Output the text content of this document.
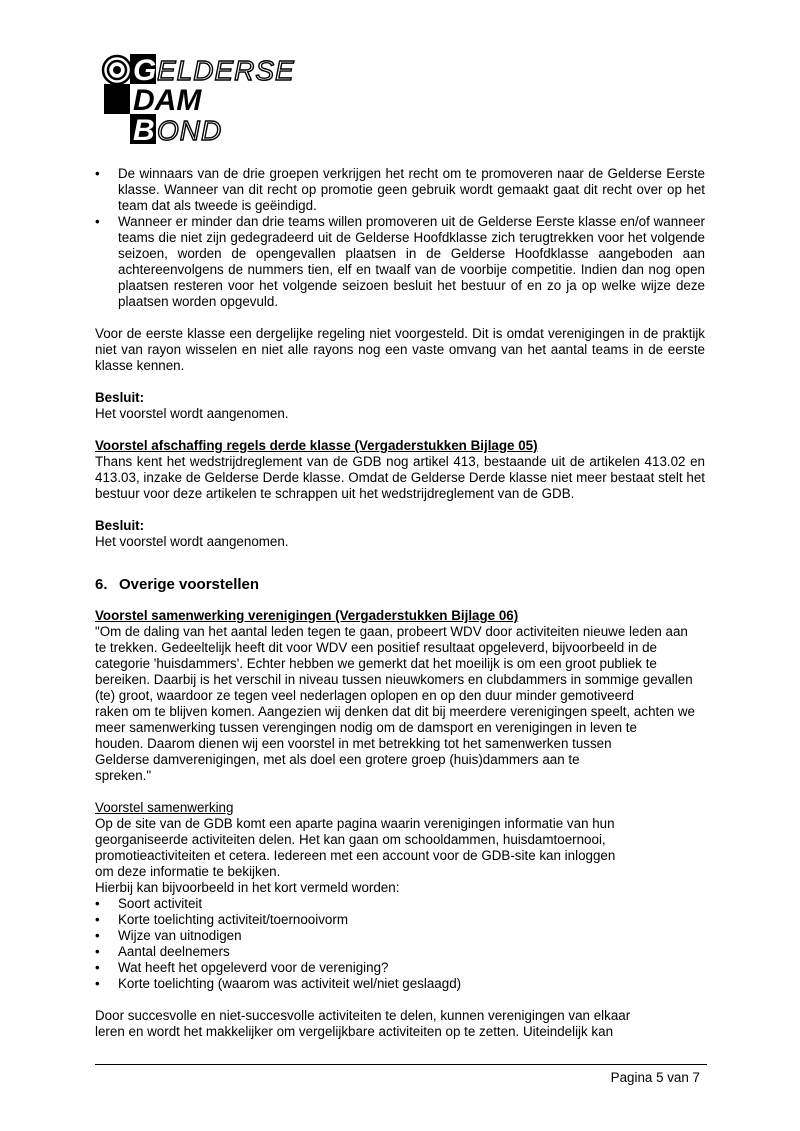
G ELDERSE
DAM
B OND
• De winnaars van de drie groepen verkrijgen het recht om te promoveren naar de Gelderse Eerste klasse. Wanneer van dit recht op promotie geen gebruik wordt gemaakt gaat dit recht over op het team dat als tweede is geëindigd.
• Wanneer er minder dan drie teams willen promoveren uit de Gelderse Eerste klasse en/of wanneer teams die niet zijn gedegradeerd uit de Gelderse Hoofdklasse zich terugtrekken voor het volgende seizoen, worden de opengevallen plaatsen in de Gelderse Hoofdklasse aangeboden aan achtereenvolgens de nummers tien, elf en twaalf van de voorbije competitie. Indien dan nog open plaatsen resteren voor het volgende seizoen besluit het bestuur of en zo ja op welke wijze deze plaatsen worden opgevuld.

Voor de eerste klasse een dergelijke regeling niet voorgesteld. Dit is omdat verenigingen in de praktijk niet van rayon wisselen en niet alle rayons nog een vaste omvang van het aantal teams in de eerste klasse kennen.

Besluit:

Het voorstel wordt aangenomen.

Voorstel afschaffing regels derde klasse (Vergaderstukken Bijlage 05)

Thans kent het wedstrijdreglement van de GDB nog artikel 413, bestaande uit de artikelen 413.02 en 413.03, inzake de Gelderse Derde klasse. Omdat de Gelderse Derde klasse niet meer bestaat stelt het bestuur voor deze artikelen te schrappen uit het wedstrijdreglement van de GDB.

Besluit:

Het voorstel wordt aangenomen.

6. Overige voorstellen

Voorstel samenwerking verenigingen (Vergaderstukken Bijlage 06)

"Om de daling van het aantal leden tegen te gaan, probeert WDV door activiteiten nieuwe leden aan

te trekken. Gedeeltelijk heeft dit voor WDV een positief resultaat opgeleverd, bijvoorbeeld in de

categorie 'huisdammers'. Echter hebben we gemerkt dat het moeilijk is om een groot publiek te

bereiken. Daarbij is het verschil in niveau tussen nieuwkomers en clubdammers in sommige gevallen

(te) groot, waardoor ze tegen veel nederlagen oplopen en op den duur minder gemotiveerd

raken om te blijven komen. Aangezien wij denken dat dit bij meerdere verenigingen speelt, achten we

meer samenwerking tussen verengingen nodig om de damsport en verenigingen in leven te

houden. Daarom dienen wij een voorstel in met betrekking tot het samenwerken tussen

Gelderse damverenigingen, met als doel een grotere groep (huis)dammers aan te

spreken."

Voorstel samenwerking

Op de site van de GDB komt een aparte pagina waarin verenigingen informatie van hun

georganiseerde activiteiten delen. Het kan gaan om schooldammen, huisdamtoernooi,

promotieactiviteiten et cetera. Iedereen met een account voor de GDB-site kan inloggen

om deze informatie te bekijken.

Hierbij kan bijvoorbeeld in het kort vermeld worden:

• Soort activiteit
• Korte toelichting activiteit/toernooivorm
• Wijze van uitnodigen
• Aantal deelnemers
• Wat heeft het opgeleverd voor de vereniging?
• Korte toelichting (waarom was activiteit wel/niet geslaagd)

Door succesvolle en niet-succesvolle activiteiten te delen, kunnen verenigingen van elkaar

leren en wordt het makkelijker om vergelijkbare activiteiten op te zetten. Uiteindelijk kan

Pagina 5 van 7
